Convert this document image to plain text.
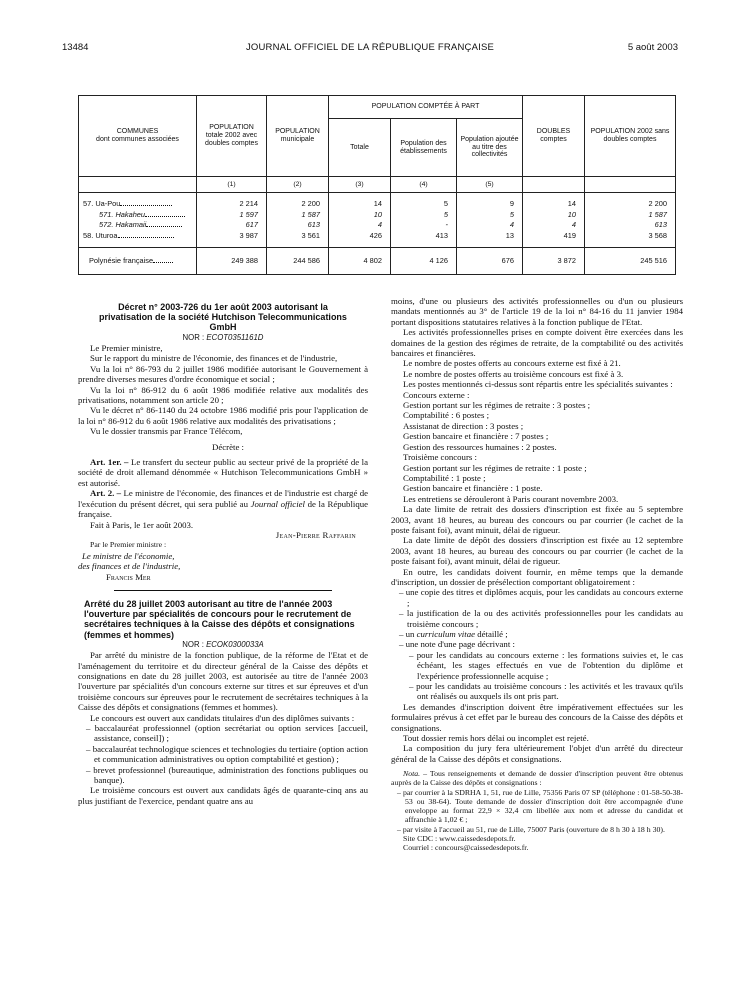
13484	JOURNAL OFFICIEL DE LA RÉPUBLIQUE FRANÇAISE	5 août 2003
COMMUNES
dont communes associées	POPULATION totale 2002 avec doubles comptes	POPULATION municipale	POPULATION COMPTÉE À PART			DOUBLES comptes	POPULATION 2002 sans doubles comptes
			Totale	Population des établissements	Population ajoutée au titre des collectivités		
	(1)	(2)	(3)	(4)	(5)		

57. Ua-Pou	2 214	2 200	14	5	9	14	2 200
571. Hakaheu	1 597	1 587	10	5	5	10	1 587
572. Hakamaii	617	613	4	-	4	4	613
58. Uturoa	3 987	3 561	426	413	13	419	3 568

Polynésie française	249 388	244 586	4 802	4 126	676	3 872	245 516

Décret n° 2003-726 du 1er août 2003 autorisant la privatisation de la société Hutchison Telecommunications GmbH

NOR : ECOT0351161D

Le Premier ministre,

Sur le rapport du ministre de l'économie, des finances et de l'industrie,

Vu la loi n° 86-793 du 2 juillet 1986 modifiée autorisant le Gouvernement à prendre diverses mesures d'ordre économique et social ;

Vu la loi n° 86-912 du 6 août 1986 modifiée relative aux modalités des privatisations, notamment son article 20 ;

Vu le décret n° 86-1140 du 24 octobre 1986 modifié pris pour l'application de la loi n° 86-912 du 6 août 1986 relative aux modalités des privatisations ;

Vu le dossier transmis par France Télécom,

Décrète :

Art. 1er. – Le transfert du secteur public au secteur privé de la propriété de la société de droit allemand dénommée « Hutchison Telecommunications GmbH » est autorisé.

Art. 2. – Le ministre de l'économie, des finances et de l'industrie est chargé de l'exécution du présent décret, qui sera publié au Journal officiel de la République française.

Fait à Paris, le 1er août 2003.

Jean-Pierre Raffarin

Par le Premier ministre :

Le ministre de l'économie,

des finances et de l'industrie,

Francis Mer

Arrêté du 28 juillet 2003 autorisant au titre de l'année 2003 l'ouverture par spécialités de concours pour le recrutement de secrétaires techniques à la Caisse des dépôts et consignations (femmes et hommes)

NOR : ECOK0300033A

Par arrêté du ministre de la fonction publique, de la réforme de l'Etat et de l'aménagement du territoire et du directeur général de la Caisse des dépôts et consignations en date du 28 juillet 2003, est autorisée au titre de l'année 2003 l'ouverture par spécialités d'un concours externe sur titres et sur épreuves et d'un troisième concours sur épreuves pour le recrutement de secrétaires techniques à la Caisse des dépôts et consignations (femmes et hommes).

Le concours est ouvert aux candidats titulaires d'un des diplômes suivants :

– baccalauréat professionnel (option secrétariat ou option services [accueil, assistance, conseil]) ;

– baccalauréat technologique sciences et technologies du tertiaire (option action et communication administratives ou option comptabilité et gestion) ;

– brevet professionnel (bureautique, administration des fonctions publiques ou banque).

Le troisième concours est ouvert aux candidats âgés de quarante-cinq ans au plus justifiant de l'exercice, pendant quatre ans au

moins, d'une ou plusieurs des activités professionnelles ou d'un ou plusieurs mandats mentionnés au 3° de l'article 19 de la loi n° 84-16 du 11 janvier 1984 portant dispositions statutaires relatives à la fonction publique de l'Etat.

Les activités professionnelles prises en compte doivent être exercées dans les domaines de la gestion des régimes de retraite, de la comptabilité ou des activités bancaires et financières.

Le nombre de postes offerts au concours externe est fixé à 21.

Le nombre de postes offerts au troisième concours est fixé à 3.

Les postes mentionnés ci-dessus sont répartis entre les spécialités suivantes :

Concours externe :

Gestion portant sur les régimes de retraite : 3 postes ;

Comptabilité : 6 postes ;

Assistanat de direction : 3 postes ;

Gestion bancaire et financière : 7 postes ;

Gestion des ressources humaines : 2 postes.

Troisième concours :

Gestion portant sur les régimes de retraite : 1 poste ;

Comptabilité : 1 poste ;

Gestion bancaire et financière : 1 poste.

Les entretiens se dérouleront à Paris courant novembre 2003.

La date limite de retrait des dossiers d'inscription est fixée au 5 septembre 2003, avant 18 heures, au bureau des concours ou par courrier (le cachet de la poste faisant foi), avant minuit, délai de rigueur.

La date limite de dépôt des dossiers d'inscription est fixée au 12 septembre 2003, avant 18 heures, au bureau des concours ou par courrier (le cachet de la poste faisant foi), avant minuit, délai de rigueur.

En outre, les candidats doivent fournir, en même temps que la demande d'inscription, un dossier de présélection comportant obligatoirement :

– une copie des titres et diplômes acquis, pour les candidats au concours externe ;

– la justification de la ou des activités professionnelles pour les candidats au troisième concours ;

– un curriculum vitae détaillé ;

– une note d'une page décrivant :

– pour les candidats au concours externe : les formations suivies et, le cas échéant, les stages effectués en vue de l'obtention du diplôme et l'expérience professionnelle acquise ;

– pour les candidats au troisième concours : les activités et les travaux qu'ils ont réalisés ou auxquels ils ont pris part.

Les demandes d'inscription doivent être impérativement effectuées sur les formulaires prévus à cet effet par le bureau des concours de la Caisse des dépôts et consignations.

Tout dossier remis hors délai ou incomplet est rejeté.

La composition du jury fera ultérieurement l'objet d'un arrêté du directeur général de la Caisse des dépôts et consignations.

Nota. – Tous renseignements et demande de dossier d'inscription peuvent être obtenus auprès de la Caisse des dépôts et consignations :

– par courrier à la SDRHA 1, 51, rue de Lille, 75356 Paris 07 SP (téléphone : 01-58-50-38-53 ou 38-64). Toute demande de dossier d'inscription doit être accompagnée d'une enveloppe au format 22,9 × 32,4 cm libellée aux nom et adresse du candidat et affranchie à 1,02 € ;

– par visite à l'accueil au 51, rue de Lille, 75007 Paris (ouverture de 8 h 30 à 18 h 30).

Site CDC : www.caissedesdepots.fr.

Courriel : concours@caissedesdepots.fr.
